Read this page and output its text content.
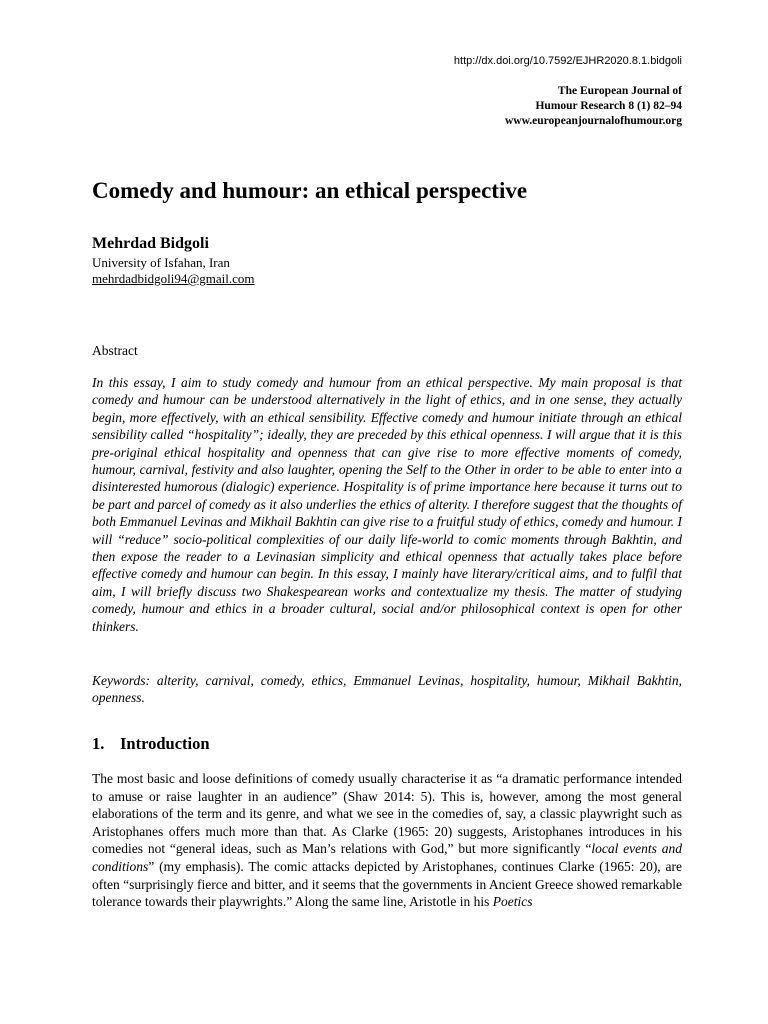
http://dx.doi.org/10.7592/EJHR2020.8.1.bidgoli
The European Journal of
Humour Research 8 (1) 82–94
www.europeanjournalofhumour.org
Comedy and humour: an ethical perspective
Mehrdad Bidgoli
University of Isfahan, Iran
mehrdadbidgoli94@gmail.com
Abstract

In this essay, I aim to study comedy and humour from an ethical perspective. My main proposal is that comedy and humour can be understood alternatively in the light of ethics, and in one sense, they actually begin, more effectively, with an ethical sensibility. Effective comedy and humour initiate through an ethical sensibility called “hospitality”; ideally, they are preceded by this ethical openness. I will argue that it is this pre-original ethical hospitality and openness that can give rise to more effective moments of comedy, humour, carnival, festivity and also laughter, opening the Self to the Other in order to be able to enter into a disinterested humorous (dialogic) experience. Hospitality is of prime importance here because it turns out to be part and parcel of comedy as it also underlies the ethics of alterity. I therefore suggest that the thoughts of both Emmanuel Levinas and Mikhail Bakhtin can give rise to a fruitful study of ethics, comedy and humour. I will “reduce” socio-political complexities of our daily life-world to comic moments through Bakhtin, and then expose the reader to a Levinasian simplicity and ethical openness that actually takes place before effective comedy and humour can begin. In this essay, I mainly have literary/critical aims, and to fulfil that aim, I will briefly discuss two Shakespearean works and contextualize my thesis. The matter of studying comedy, humour and ethics in a broader cultural, social and/or philosophical context is open for other thinkers.

Keywords: alterity, carnival, comedy, ethics, Emmanuel Levinas, hospitality, humour, Mikhail Bakhtin, openness.

1. Introduction

The most basic and loose definitions of comedy usually characterise it as “a dramatic performance intended to amuse or raise laughter in an audience” (Shaw 2014: 5). This is, however, among the most general elaborations of the term and its genre, and what we see in the comedies of, say, a classic playwright such as Aristophanes offers much more than that. As Clarke (1965: 20) suggests, Aristophanes introduces in his comedies not “general ideas, such as Man’s relations with God,” but more significantly “local events and conditions” (my emphasis). The comic attacks depicted by Aristophanes, continues Clarke (1965: 20), are often “surprisingly fierce and bitter, and it seems that the governments in Ancient Greece showed remarkable tolerance towards their playwrights.” Along the same line, Aristotle in his Poetics
